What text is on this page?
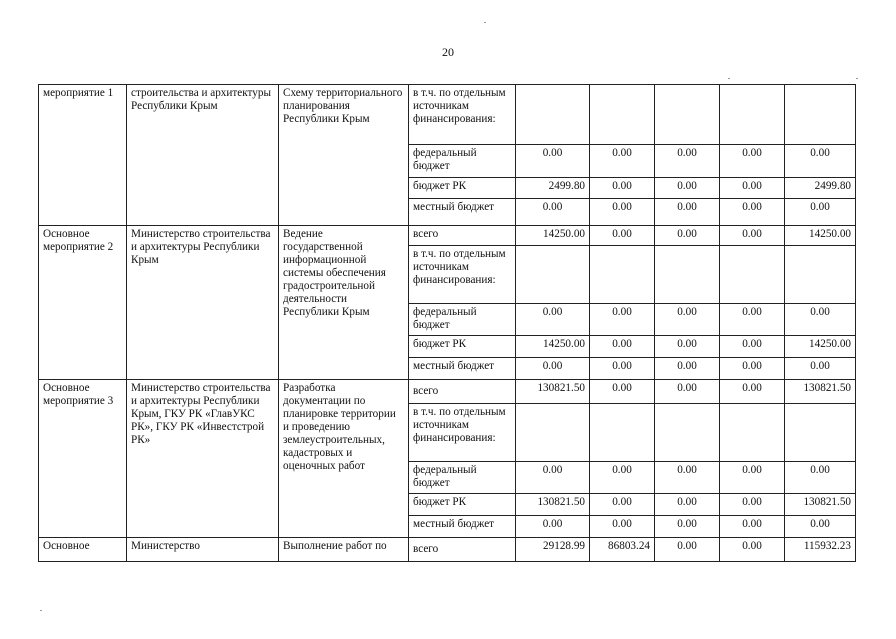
20
мероприятие 1	строительства и архитектуры Республики Крым	Схему территориального планирования Республики Крым	в т.ч. по отдельным источникам финансирования:					
			федеральный бюджет	0.00	0.00	0.00	0.00	0.00
			бюджет РК	2499.80	0.00	0.00	0.00	2499.80
			местный бюджет	0.00	0.00	0.00	0.00	0.00
Основное мероприятие 2	Министерство строительства и архитектуры Республики Крым	Ведение государственной информационной системы обеспечения градостроительной деятельности Республики Крым	всего	14250.00	0.00	0.00	0.00	14250.00
			в т.ч. по отдельным источникам финансирования:					
			федеральный бюджет	0.00	0.00	0.00	0.00	0.00
			бюджет РК	14250.00	0.00	0.00	0.00	14250.00
			местный бюджет	0.00	0.00	0.00	0.00	0.00
Основное мероприятие 3	Министерство строительства и архитектуры Республики Крым, ГКУ РК «ГлавУКС РК», ГКУ РК «Инвестстрой РК»	Разработка документации по планировке территории и проведению землеустроительных, кадастровых и оценочных работ	всего	130821.50	0.00	0.00	0.00	130821.50
			в т.ч. по отдельным источникам финансирования:					
			федеральный бюджет	0.00	0.00	0.00	0.00	0.00
			бюджет РК	130821.50	0.00	0.00	0.00	130821.50
			местный бюджет	0.00	0.00	0.00	0.00	0.00
Основное	Министерство	Выполнение работ по	всего	29128.99	86803.24	0.00	0.00	115932.23
